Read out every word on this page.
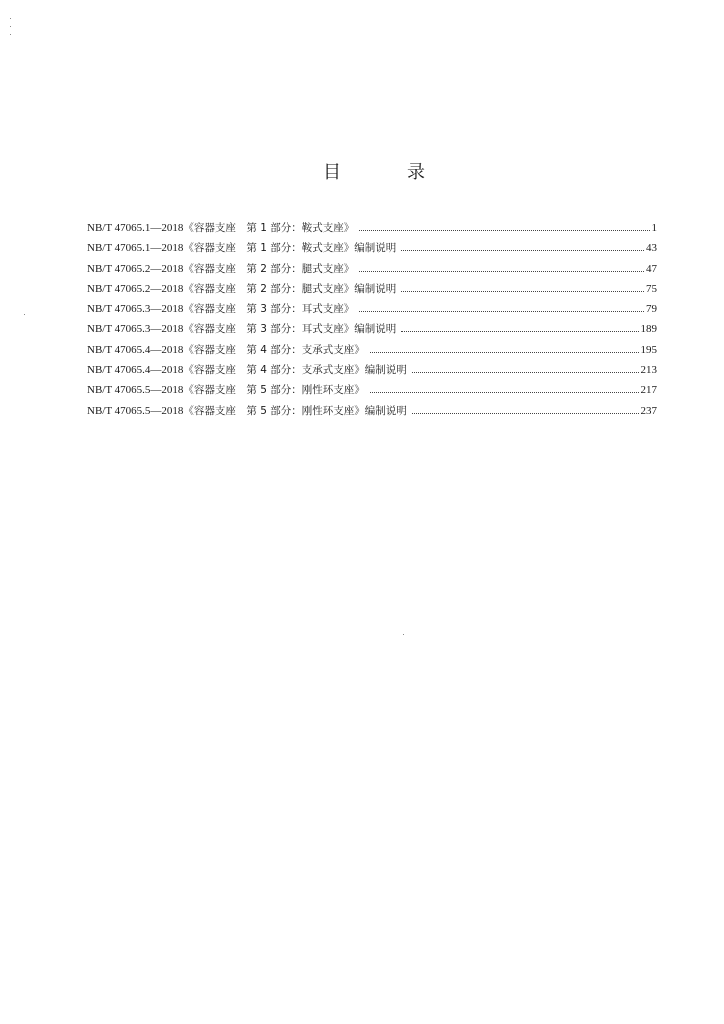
目　录
NB/T 47065.1—2018 《容器支座　第 1 部分：鞍式支座》	1
NB/T 47065.1—2018 《容器支座　第 1 部分：鞍式支座》编制说明	43
NB/T 47065.2—2018 《容器支座　第 2 部分：腿式支座》	47
NB/T 47065.2—2018 《容器支座　第 2 部分：腿式支座》编制说明	75
NB/T 47065.3—2018 《容器支座　第 3 部分：耳式支座》	79
NB/T 47065.3—2018 《容器支座　第 3 部分：耳式支座》编制说明	189
NB/T 47065.4—2018 《容器支座　第 4 部分：支承式支座》	195
NB/T 47065.4—2018 《容器支座　第 4 部分：支承式支座》编制说明	213
NB/T 47065.5—2018 《容器支座　第 5 部分：刚性环支座》	217
NB/T 47065.5—2018 《容器支座　第 5 部分：刚性环支座》编制说明	237
